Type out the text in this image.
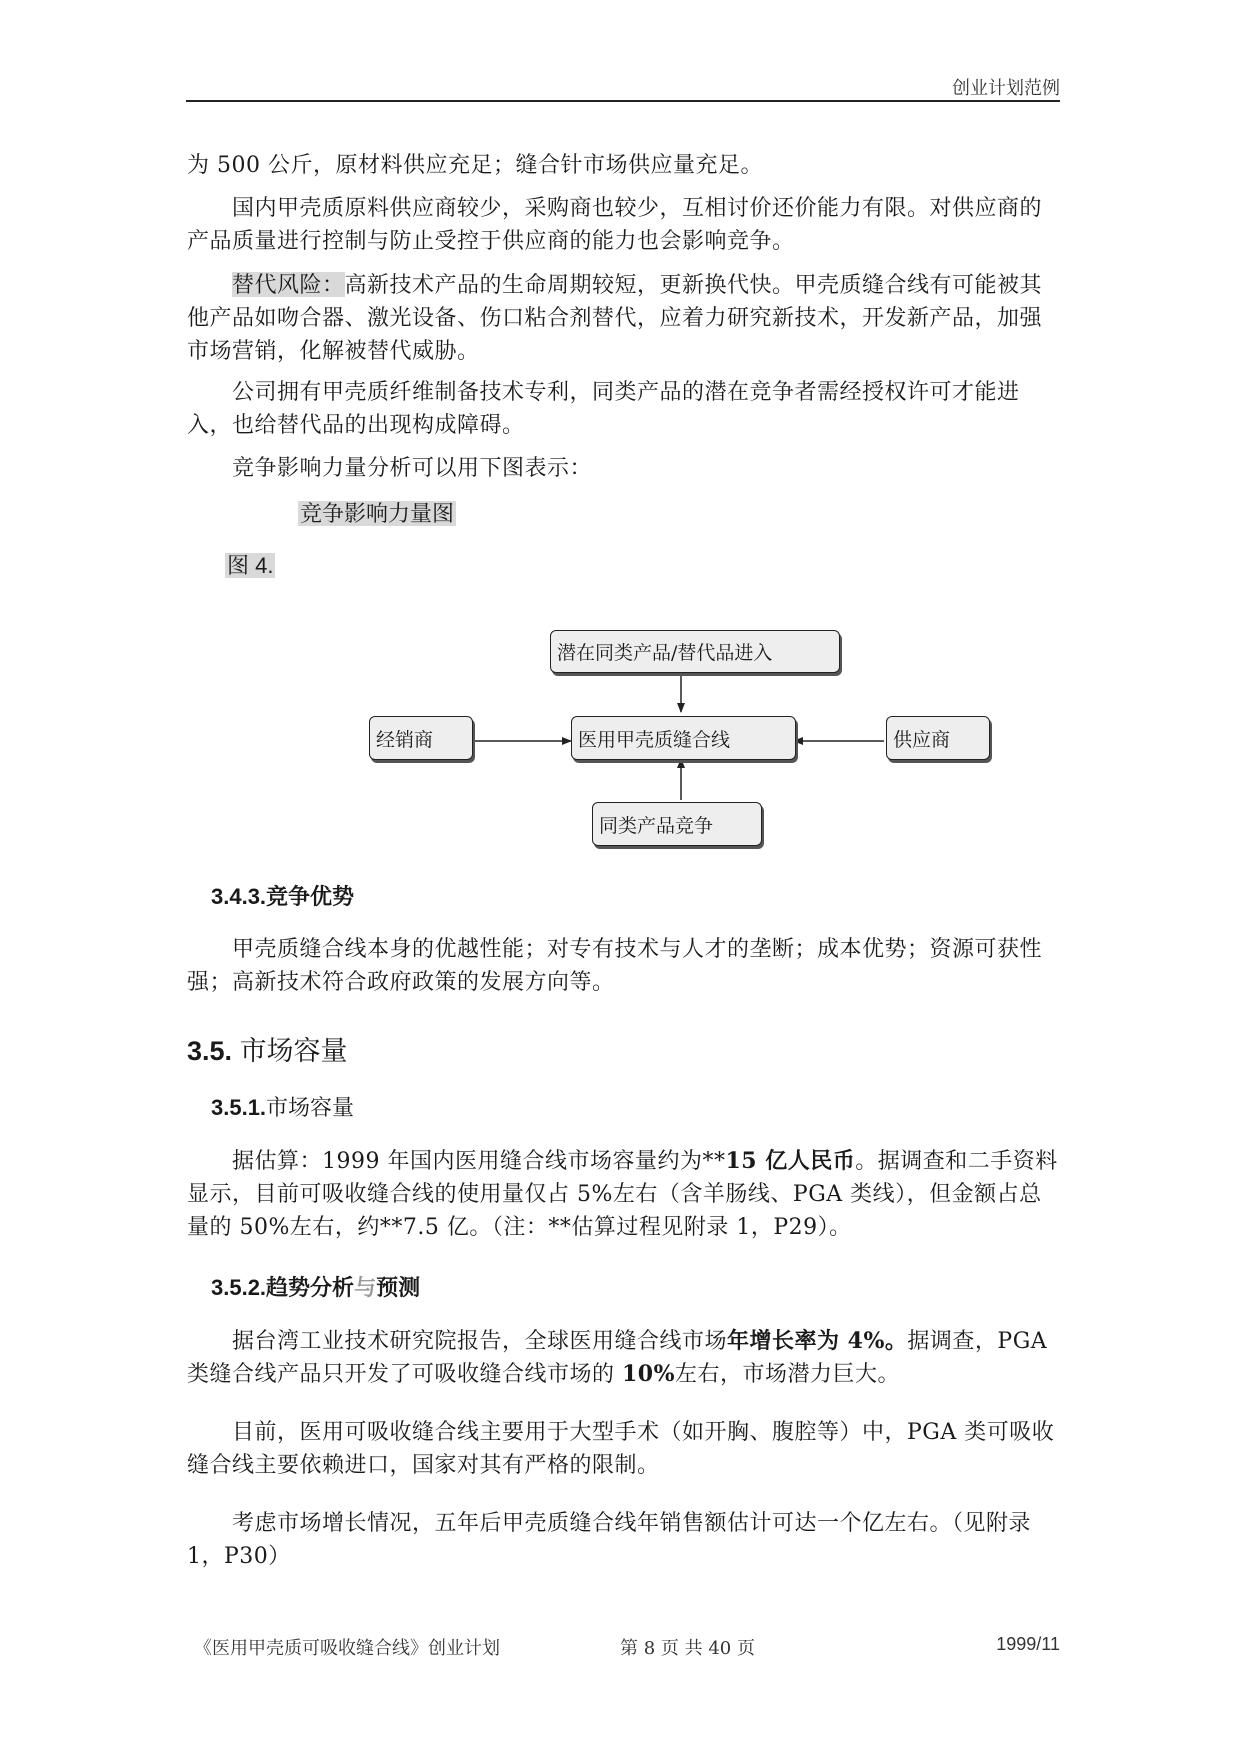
创业计划范例

为 500 公斤，原材料供应充足；缝合针市场供应量充足。

国内甲壳质原料供应商较少，采购商也较少，互相讨价还价能力有限。对供应商的产品质量进行控制与防止受控于供应商的能力也会影响竞争。

替代风险：高新技术产品的生命周期较短，更新换代快。甲壳质缝合线有可能被其他产品如吻合器、激光设备、伤口粘合剂替代，应着力研究新技术，开发新产品，加强市场营销，化解被替代威胁。

公司拥有甲壳质纤维制备技术专利，同类产品的潜在竞争者需经授权许可才能进入，也给替代品的出现构成障碍。

竞争影响力量分析可以用下图表示：

竞争影响力量图
图 4.
潜在同类产品/替代品进入
经销商	医用甲壳质缝合线	供应商
同类产品竞争
3.4.3.竞争优势

甲壳质缝合线本身的优越性能；对专有技术与人才的垄断；成本优势；资源可获性强；高新技术符合政府政策的发展方向等。

3.5. 市场容量
3.5.1.市场容量

据估算：1999 年国内医用缝合线市场容量约为**15 亿人民币。据调查和二手资料显示，目前可吸收缝合线的使用量仅占 5%左右（含羊肠线、PGA 类线），但金额占总量的 50%左右，约**7.5 亿。（注：**估算过程见附录 1，P29）。

3.5.2.趋势分析与预测

据台湾工业技术研究院报告，全球医用缝合线市场年增长率为 4%。据调查，PGA 类缝合线产品只开发了可吸收缝合线市场的 10%左右，市场潜力巨大。

目前，医用可吸收缝合线主要用于大型手术（如开胸、腹腔等）中，PGA 类可吸收缝合线主要依赖进口，国家对其有严格的限制。

考虑市场增长情况，五年后甲壳质缝合线年销售额估计可达一个亿左右。（见附录 1，P30）

《医用甲壳质可吸收缝合线》创业计划	第 8 页 共 40 页	1999/11
